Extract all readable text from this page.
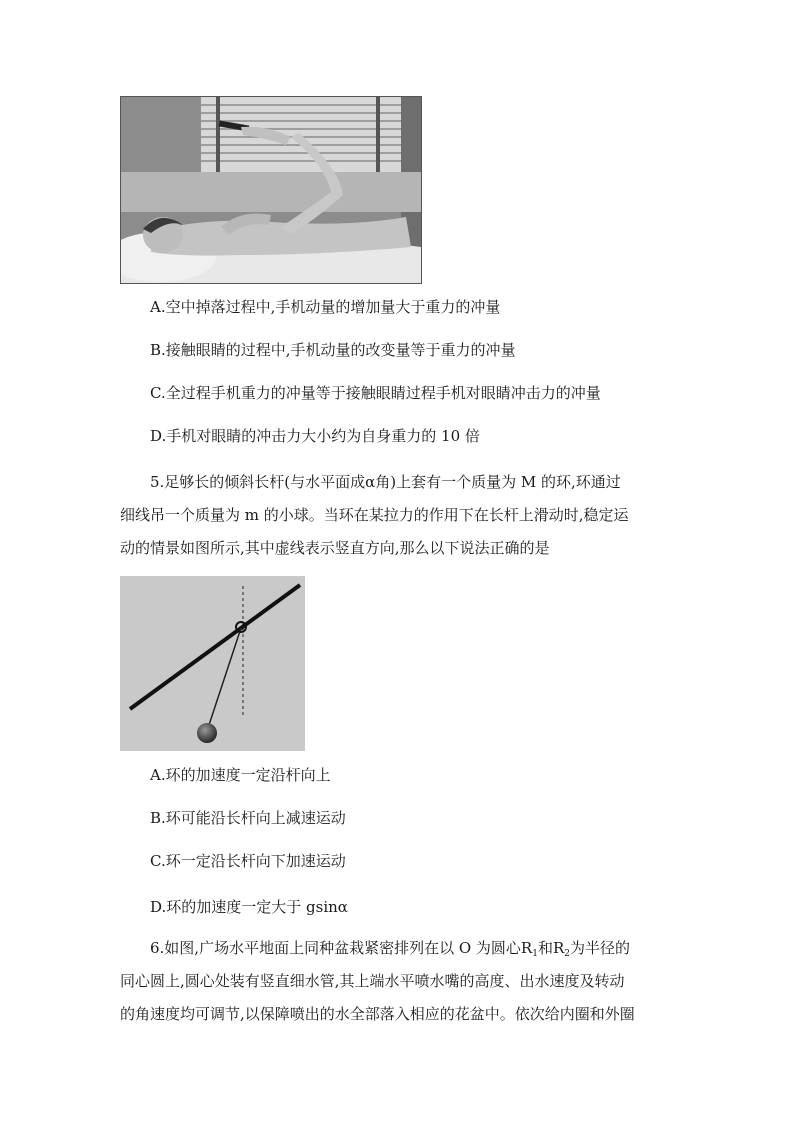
A.空中掉落过程中,手机动量的增加量大于重力的冲量
B.接触眼睛的过程中,手机动量的改变量等于重力的冲量
C.全过程手机重力的冲量等于接触眼睛过程手机对眼睛冲击力的冲量
D.手机对眼睛的冲击力大小约为自身重力的 10 倍
5.足够长的倾斜长杆(与水平面成α角)上套有一个质量为 M 的环,环通过
细线吊一个质量为 m 的小球。当环在某拉力的作用下在长杆上滑动时,稳定运
动的情景如图所示,其中虚线表示竖直方向,那么以下说法正确的是
A.环的加速度一定沿杆向上
B.环可能沿长杆向上减速运动
C.环一定沿长杆向下加速运动
D.环的加速度一定大于 gsinα
6.如图,广场水平地面上同种盆栽紧密排列在以 O 为圆心$R_1$和$R_2$为半径的
同心圆上,圆心处装有竖直细水管,其上端水平喷水嘴的高度、出水速度及转动
的角速度均可调节,以保障喷出的水全部落入相应的花盆中。依次给内圈和外圈
